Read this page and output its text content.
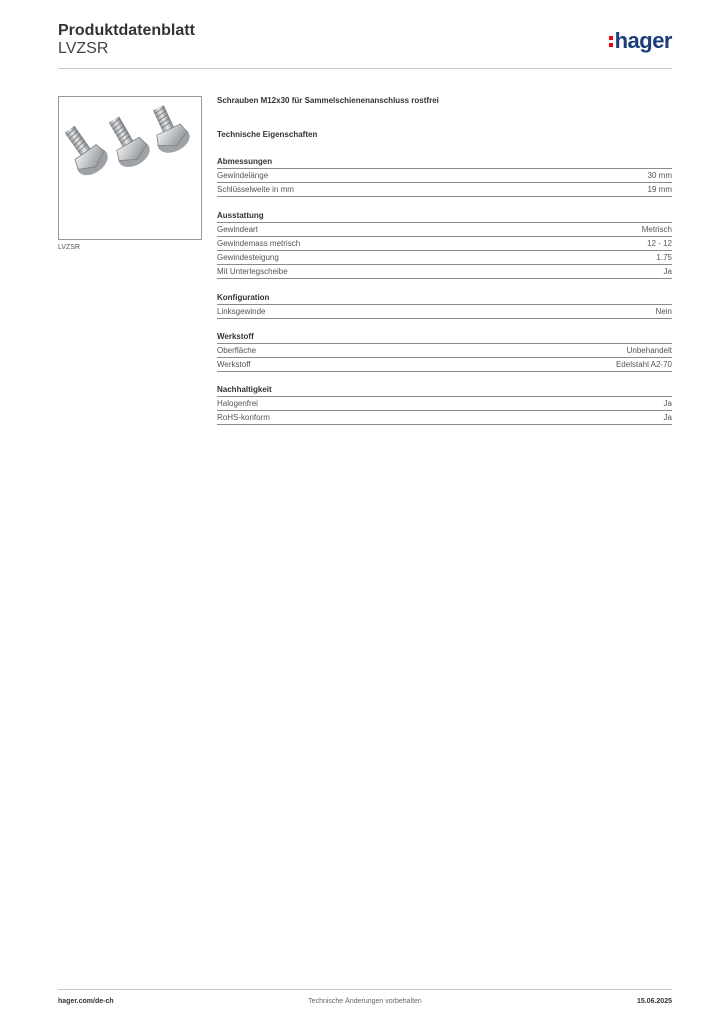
Produktdatenblatt
LVZSR	hager
LVZSR
Schrauben M12x30 für Sammelschienenanschluss rostfrei
Technische Eigenschaften
Abmessungen
Gewindelänge	30 mm
Schlüsselweite in mm	19 mm
Ausstattung
Gewindeart	Metrisch
Gewindemass metrisch	12 - 12
Gewindesteigung	1.75
Mit Unterlegscheibe	Ja
Konfiguration
Linksgewinde	Nein
Werkstoff
Oberfläche	Unbehandelt
Werkstoff	Edelstahl A2-70
Nachhaltigkeit
Halogenfrei	Ja
RoHS-konform	Ja
hager.com/de-ch	Technische Änderungen vorbehalten	15.06.2025
